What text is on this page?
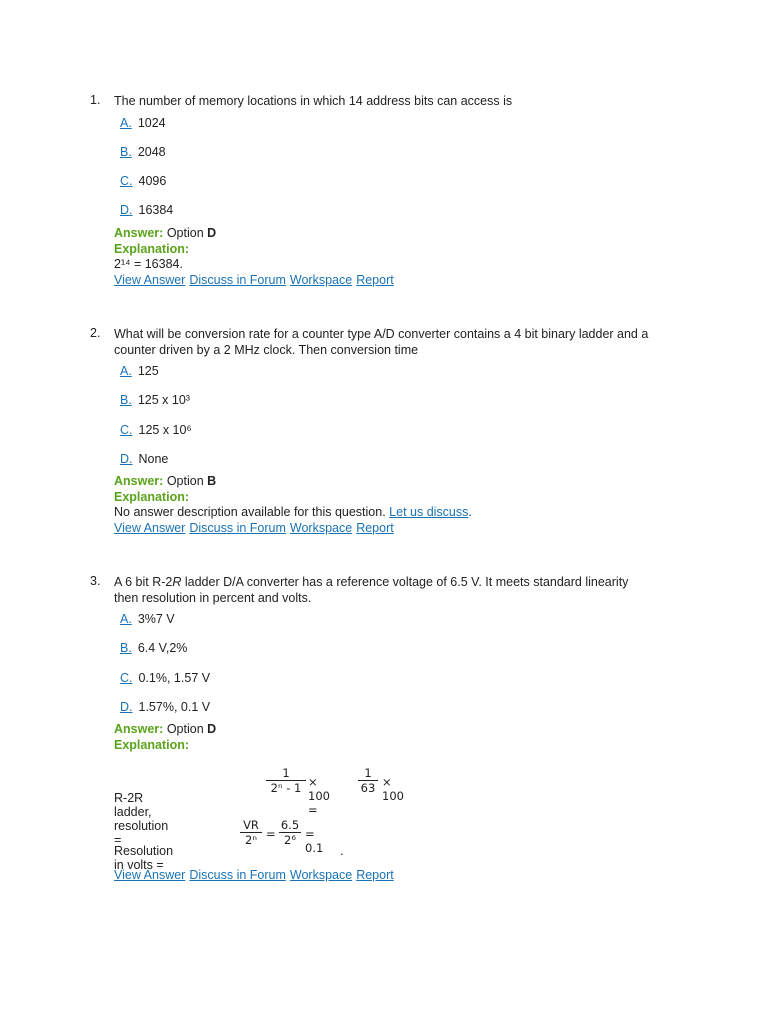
1. The number of memory locations in which 14 address bits can access is
A. 1024
B. 2048
C. 4096
D. 16384
Answer: Option D
Explanation:
2¹⁴ = 16384.
View Answer Discuss in Forum Workspace Report
2. What will be conversion rate for a counter type A/D converter contains a 4 bit binary ladder and a
counter driven by a 2 MHz clock. Then conversion time
A. 125
B. 125 x 10³
C. 125 x 10⁶
D. None
Answer: Option B
Explanation:
No answer description available for this question. Let us discuss.
View Answer Discuss in Forum Workspace Report
3. A 6 bit R-2R ladder D/A converter has a reference voltage of 6.5 V. It meets standard linearity
then resolution in percent and volts.
A. 3%7 V
B. 6.4 V,2%
C. 0.1%, 1.57 V
D. 1.57%, 0.1 V
Answer: Option D
Explanation:
R-2R ladder, resolution =
$\frac{1}{\text{2ⁿ - 1}} \times 100$ =
$\frac{1}{63} \times 100$
Resolution in volts =
$\frac{VR}{\text{2ⁿ}} = \frac{6.5}{\text{2⁶}} = 0.1$ .
View Answer Discuss in Forum Workspace Report
